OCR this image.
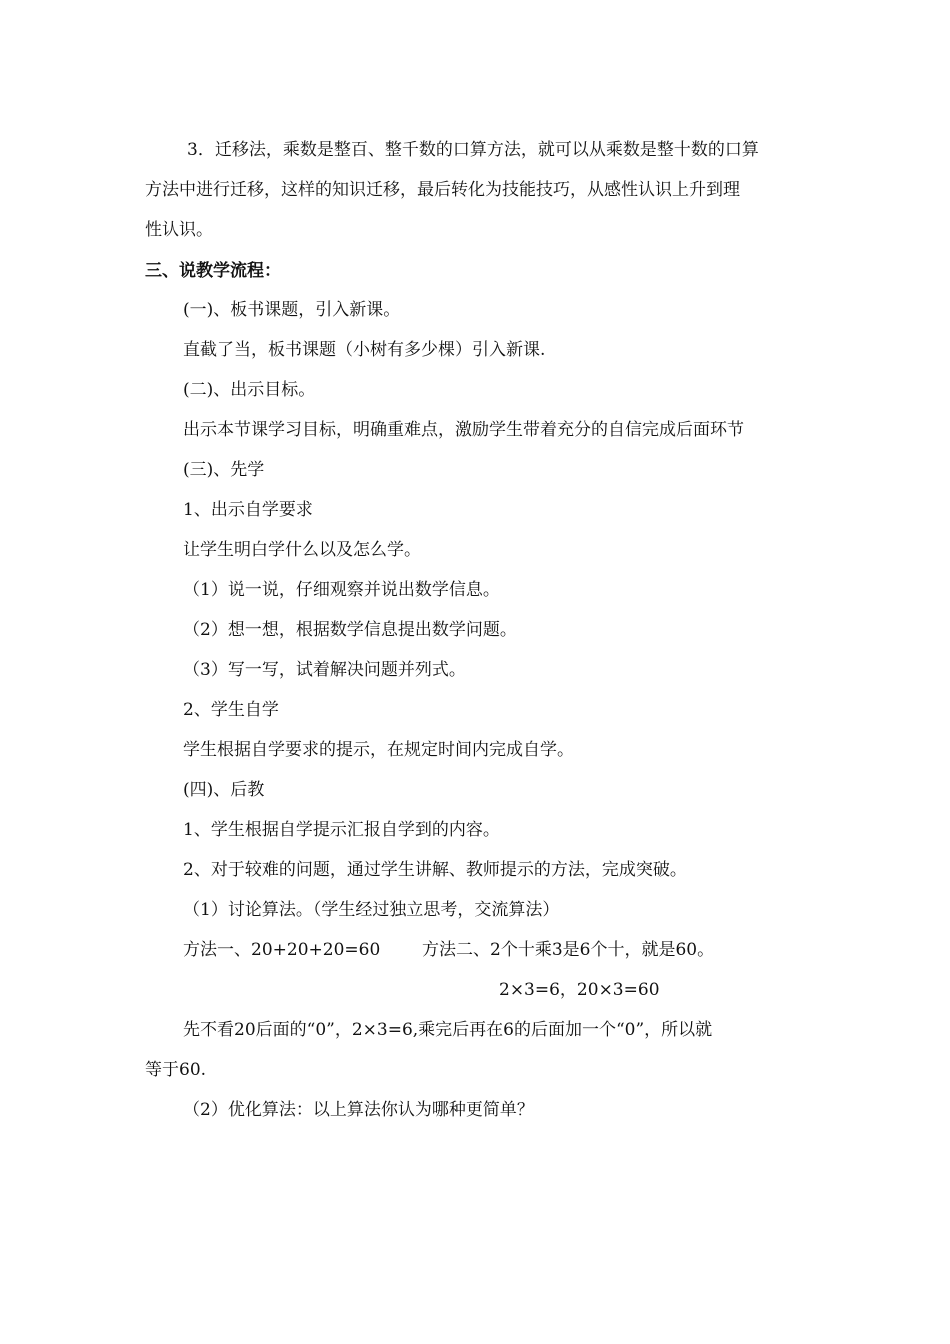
3．迁移法，乘数是整百、整千数的口算方法，就可以从乘数是整十数的口算
方法中进行迁移，这样的知识迁移，最后转化为技能技巧，从感性认识上升到理
性认识。
三、说教学流程：
(一)、板书课题，引入新课。
直截了当，板书课题（小树有多少棵）引入新课.
(二)、出示目标。
出示本节课学习目标，明确重难点，激励学生带着充分的自信完成后面环节
(三)、先学
1、出示自学要求
让学生明白学什么以及怎么学。
（1）说一说，仔细观察并说出数学信息。
（2）想一想，根据数学信息提出数学问题。
（3）写一写，试着解决问题并列式。
2、学生自学
学生根据自学要求的提示，在规定时间内完成自学。
(四)、后教
1、学生根据自学提示汇报自学到的内容。
2、对于较难的问题，通过学生讲解、教师提示的方法，完成突破。
（1）讨论算法。（学生经过独立思考，交流算法）
方法一、20+20+20=60 方法二、2个十乘3是6个十，就是60。
2×3=6，20×3=60
先不看20后面的“0”，2×3=6,乘完后再在6的后面加一个“0”，所以就
等于60.
（2）优化算法：以上算法你认为哪种更简单？
